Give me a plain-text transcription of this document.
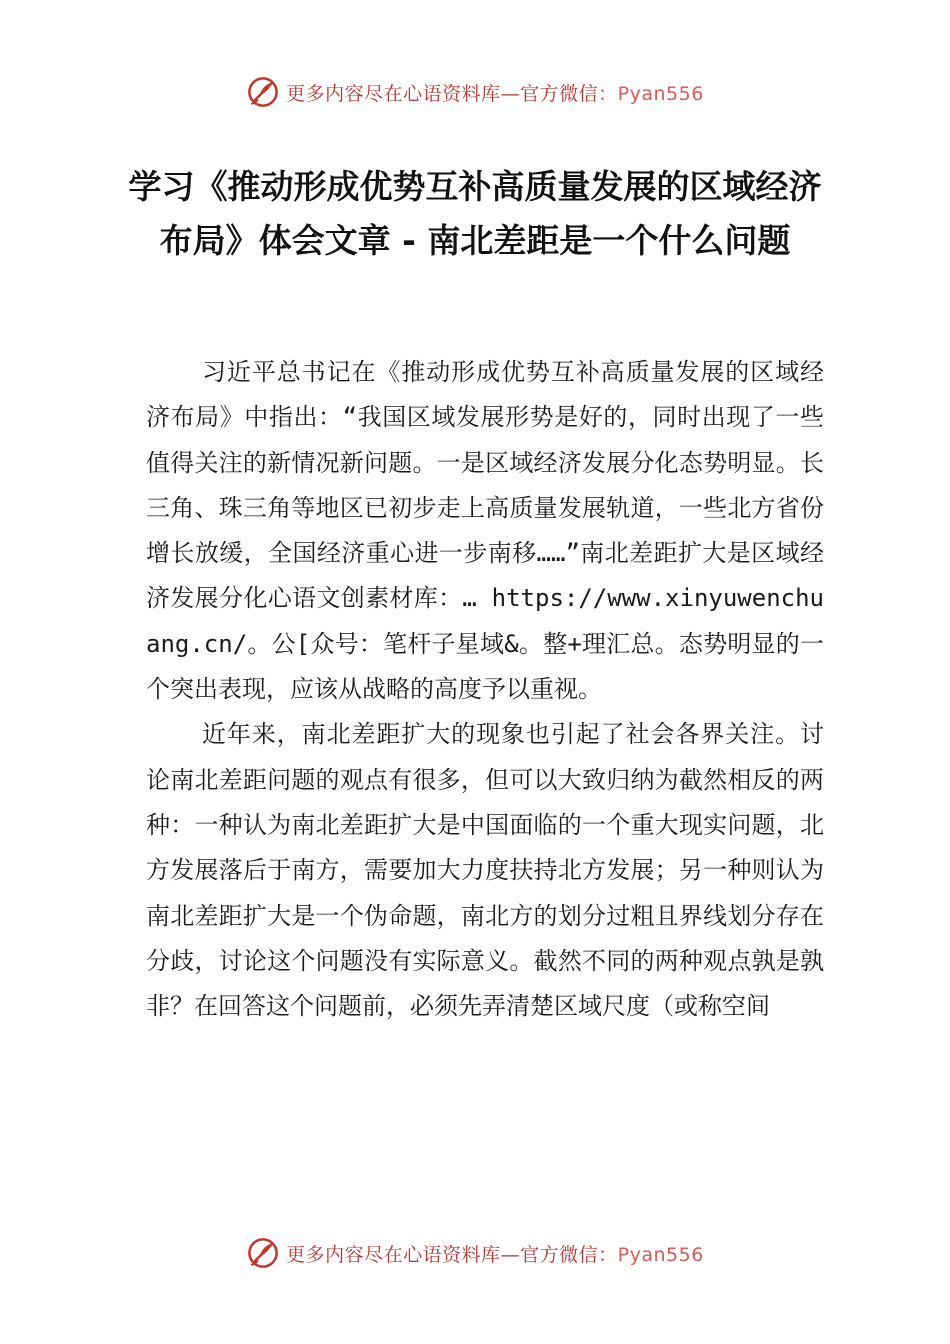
更多内容尽在心语资料库—官方微信：Pyan556
学习《推动形成优势互补高质量发展的区域经济布局》体会文章 - 南北差距是一个什么问题

习近平总书记在《推动形成优势互补高质量发展的区域经济布局》中指出：“我国区域发展形势是好的，同时出现了一些值得关注的新情况新问题。一是区域经济发展分化态势明显。长三角、珠三角等地区已初步走上高质量发展轨道，一些北方省份增长放缓，全国经济重心进一步南移……”南北差距扩大是区域经济发展分化心语文创素材库：… https://www.xinyuwenchuang.cn/。公[众号：笔杆子星域&。整+理汇总。态势明显的一个突出表现，应该从战略的高度予以重视。

近年来，南北差距扩大的现象也引起了社会各界关注。讨论南北差距问题的观点有很多，但可以大致归纳为截然相反的两种：一种认为南北差距扩大是中国面临的一个重大现实问题，北方发展落后于南方，需要加大力度扶持北方发展；另一种则认为南北差距扩大是一个伪命题，南北方的划分过粗且界线划分存在分歧，讨论这个问题没有实际意义。截然不同的两种观点孰是孰非？在回答这个问题前，必须先弄清楚区域尺度（或称空间

更多内容尽在心语资料库—官方微信：Pyan556
